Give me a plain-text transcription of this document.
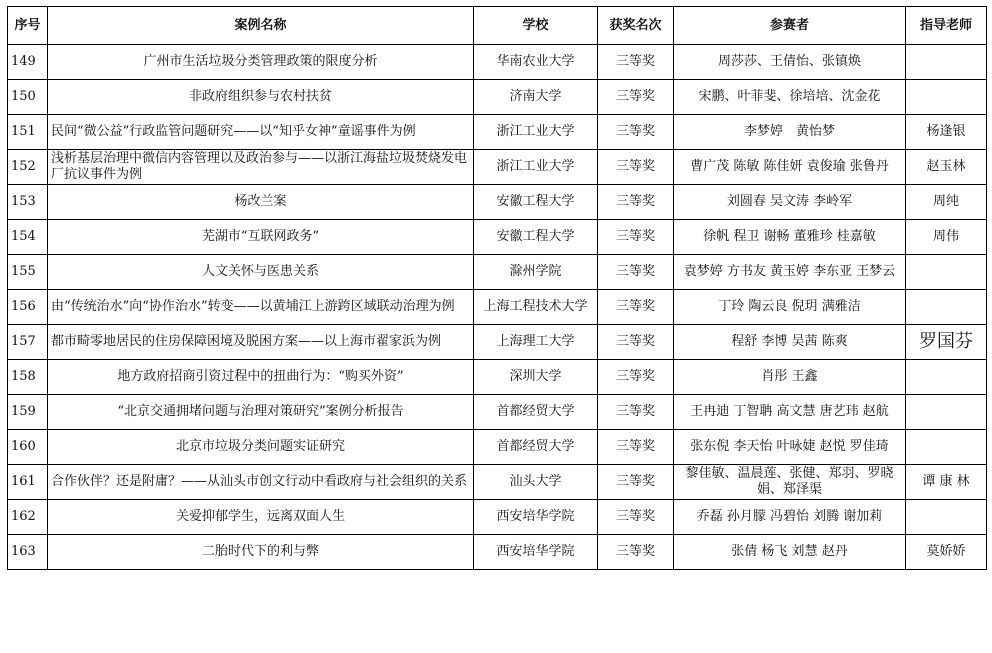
序号	案例名称	学校	获奖名次	参赛者	指导老师
149	广州市生活垃圾分类管理政策的限度分析	华南农业大学	三等奖	周莎莎、王倩怡、张镇焕	
150	非政府组织参与农村扶贫	济南大学	三等奖	宋鹏、叶菲斐、徐培培、沈金花	
151	民间“微公益”行政监管问题研究——以“知乎女神”童谣事件为例	浙江工业大学	三等奖	李梦婷　黄怡梦	杨逢银
152	浅析基层治理中微信内容管理以及政治参与——以浙江海盐垃圾焚烧发电厂抗议事件为例	浙江工业大学	三等奖	曹广茂 陈敏 陈佳妍 袁俊瑜 张鲁丹	赵玉林
153	杨改兰案	安徽工程大学	三等奖	刘圆春 吴文涛 李岭军	周纯
154	芜湖市“互联网政务”	安徽工程大学	三等奖	徐帆 程卫 谢畅 董雅珍 桂嘉敏	周伟
155	人文关怀与医患关系	滁州学院	三等奖	袁梦婷 方书友 黄玉婷 李东亚 王梦云	
156	由“传统治水”向“协作治水”转变——以黄埔江上游跨区域联动治理为例	上海工程技术大学	三等奖	丁玲 陶云良 倪玥 满雅洁	
157	都市畸零地居民的住房保障困境及脱困方案——以上海市翟家浜为例	上海理工大学	三等奖	程舒 李博 吴茜 陈爽	罗国芬
158	地方政府招商引资过程中的扭曲行为：“购买外资”	深圳大学	三等奖	肖彤 王鑫	
159	“北京交通拥堵问题与治理对策研究”案例分析报告	首都经贸大学	三等奖	王冉迪 丁智聃 高文慧 唐艺玮 赵航	
160	北京市垃圾分类问题实证研究	首都经贸大学	三等奖	张东倪 李天怡 叶咏婕 赵悦 罗佳琦	
161	合作伙伴？还是附庸？——从汕头市创文行动中看政府与社会组织的关系	汕头大学	三等奖	黎佳敏、温晨莲、张健、郑羽、罗晓娟、郑泽渠	谭 康 林
162	关爱抑郁学生，远离双面人生	西安培华学院	三等奖	乔磊 孙月朦 冯碧怡 刘腾 谢加莉	
163	二胎时代下的利与弊	西安培华学院	三等奖	张倩 杨飞 刘慧 赵丹	莫娇娇
